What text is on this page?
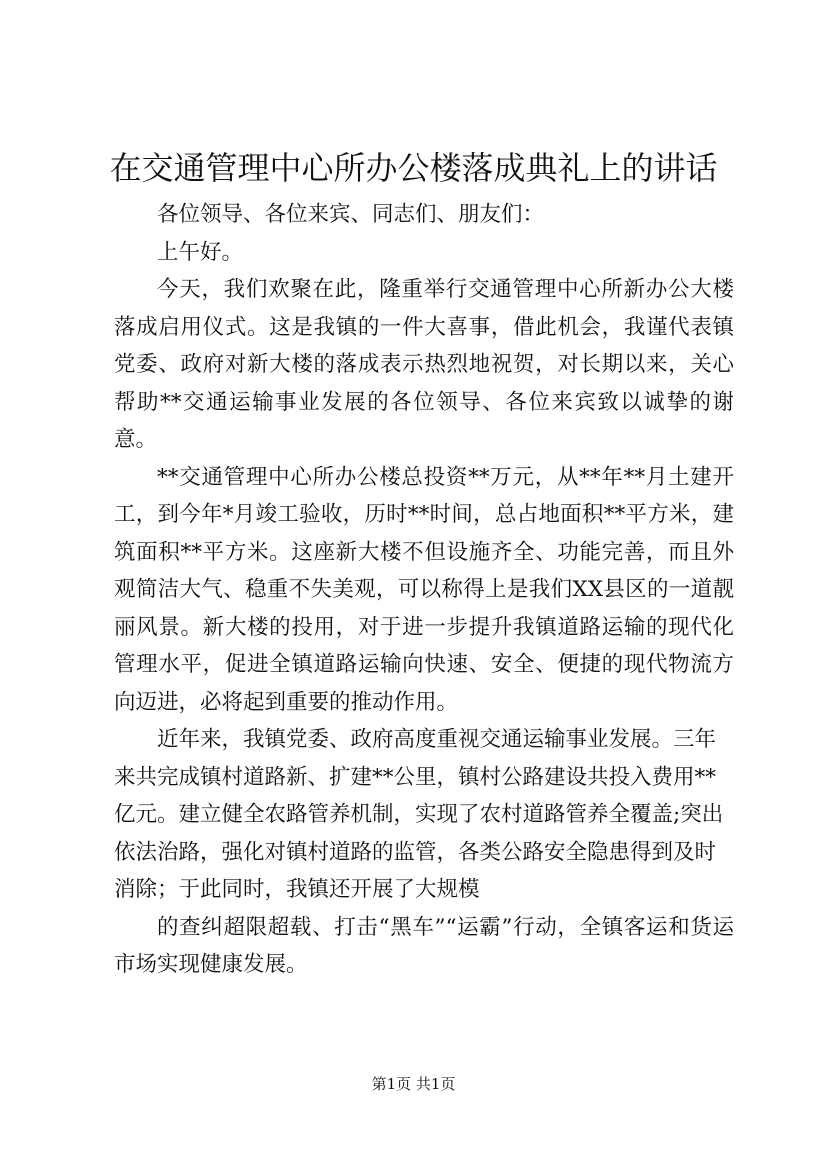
在交通管理中心所办公楼落成典礼上的讲话

各位领导、各位来宾、同志们、朋友们：

上午好。

今天，我们欢聚在此，隆重举行交通管理中心所新办公大楼落成启用仪式。这是我镇的一件大喜事，借此机会，我谨代表镇党委、政府对新大楼的落成表示热烈地祝贺，对长期以来，关心帮助**交通运输事业发展的各位领导、各位来宾致以诚挚的谢意。

**交通管理中心所办公楼总投资**万元，从**年**月土建开工，到今年*月竣工验收，历时**时间，总占地面积**平方米，建筑面积**平方米。这座新大楼不但设施齐全、功能完善，而且外观简洁大气、稳重不失美观，可以称得上是我们XX县区的一道靓丽风景。新大楼的投用，对于进一步提升我镇道路运输的现代化管理水平，促进全镇道路运输向快速、安全、便捷的现代物流方向迈进，必将起到重要的推动作用。

近年来，我镇党委、政府高度重视交通运输事业发展。三年来共完成镇村道路新、扩建**公里，镇村公路建设共投入费用**亿元。建立健全农路管养机制，实现了农村道路管养全覆盖;突出依法治路，强化对镇村道路的监管，各类公路安全隐患得到及时消除；于此同时，我镇还开展了大规模

的查纠超限超载、打击“黑车”“运霸”行动，全镇客运和货运市场实现健康发展。

第1页 共1页
